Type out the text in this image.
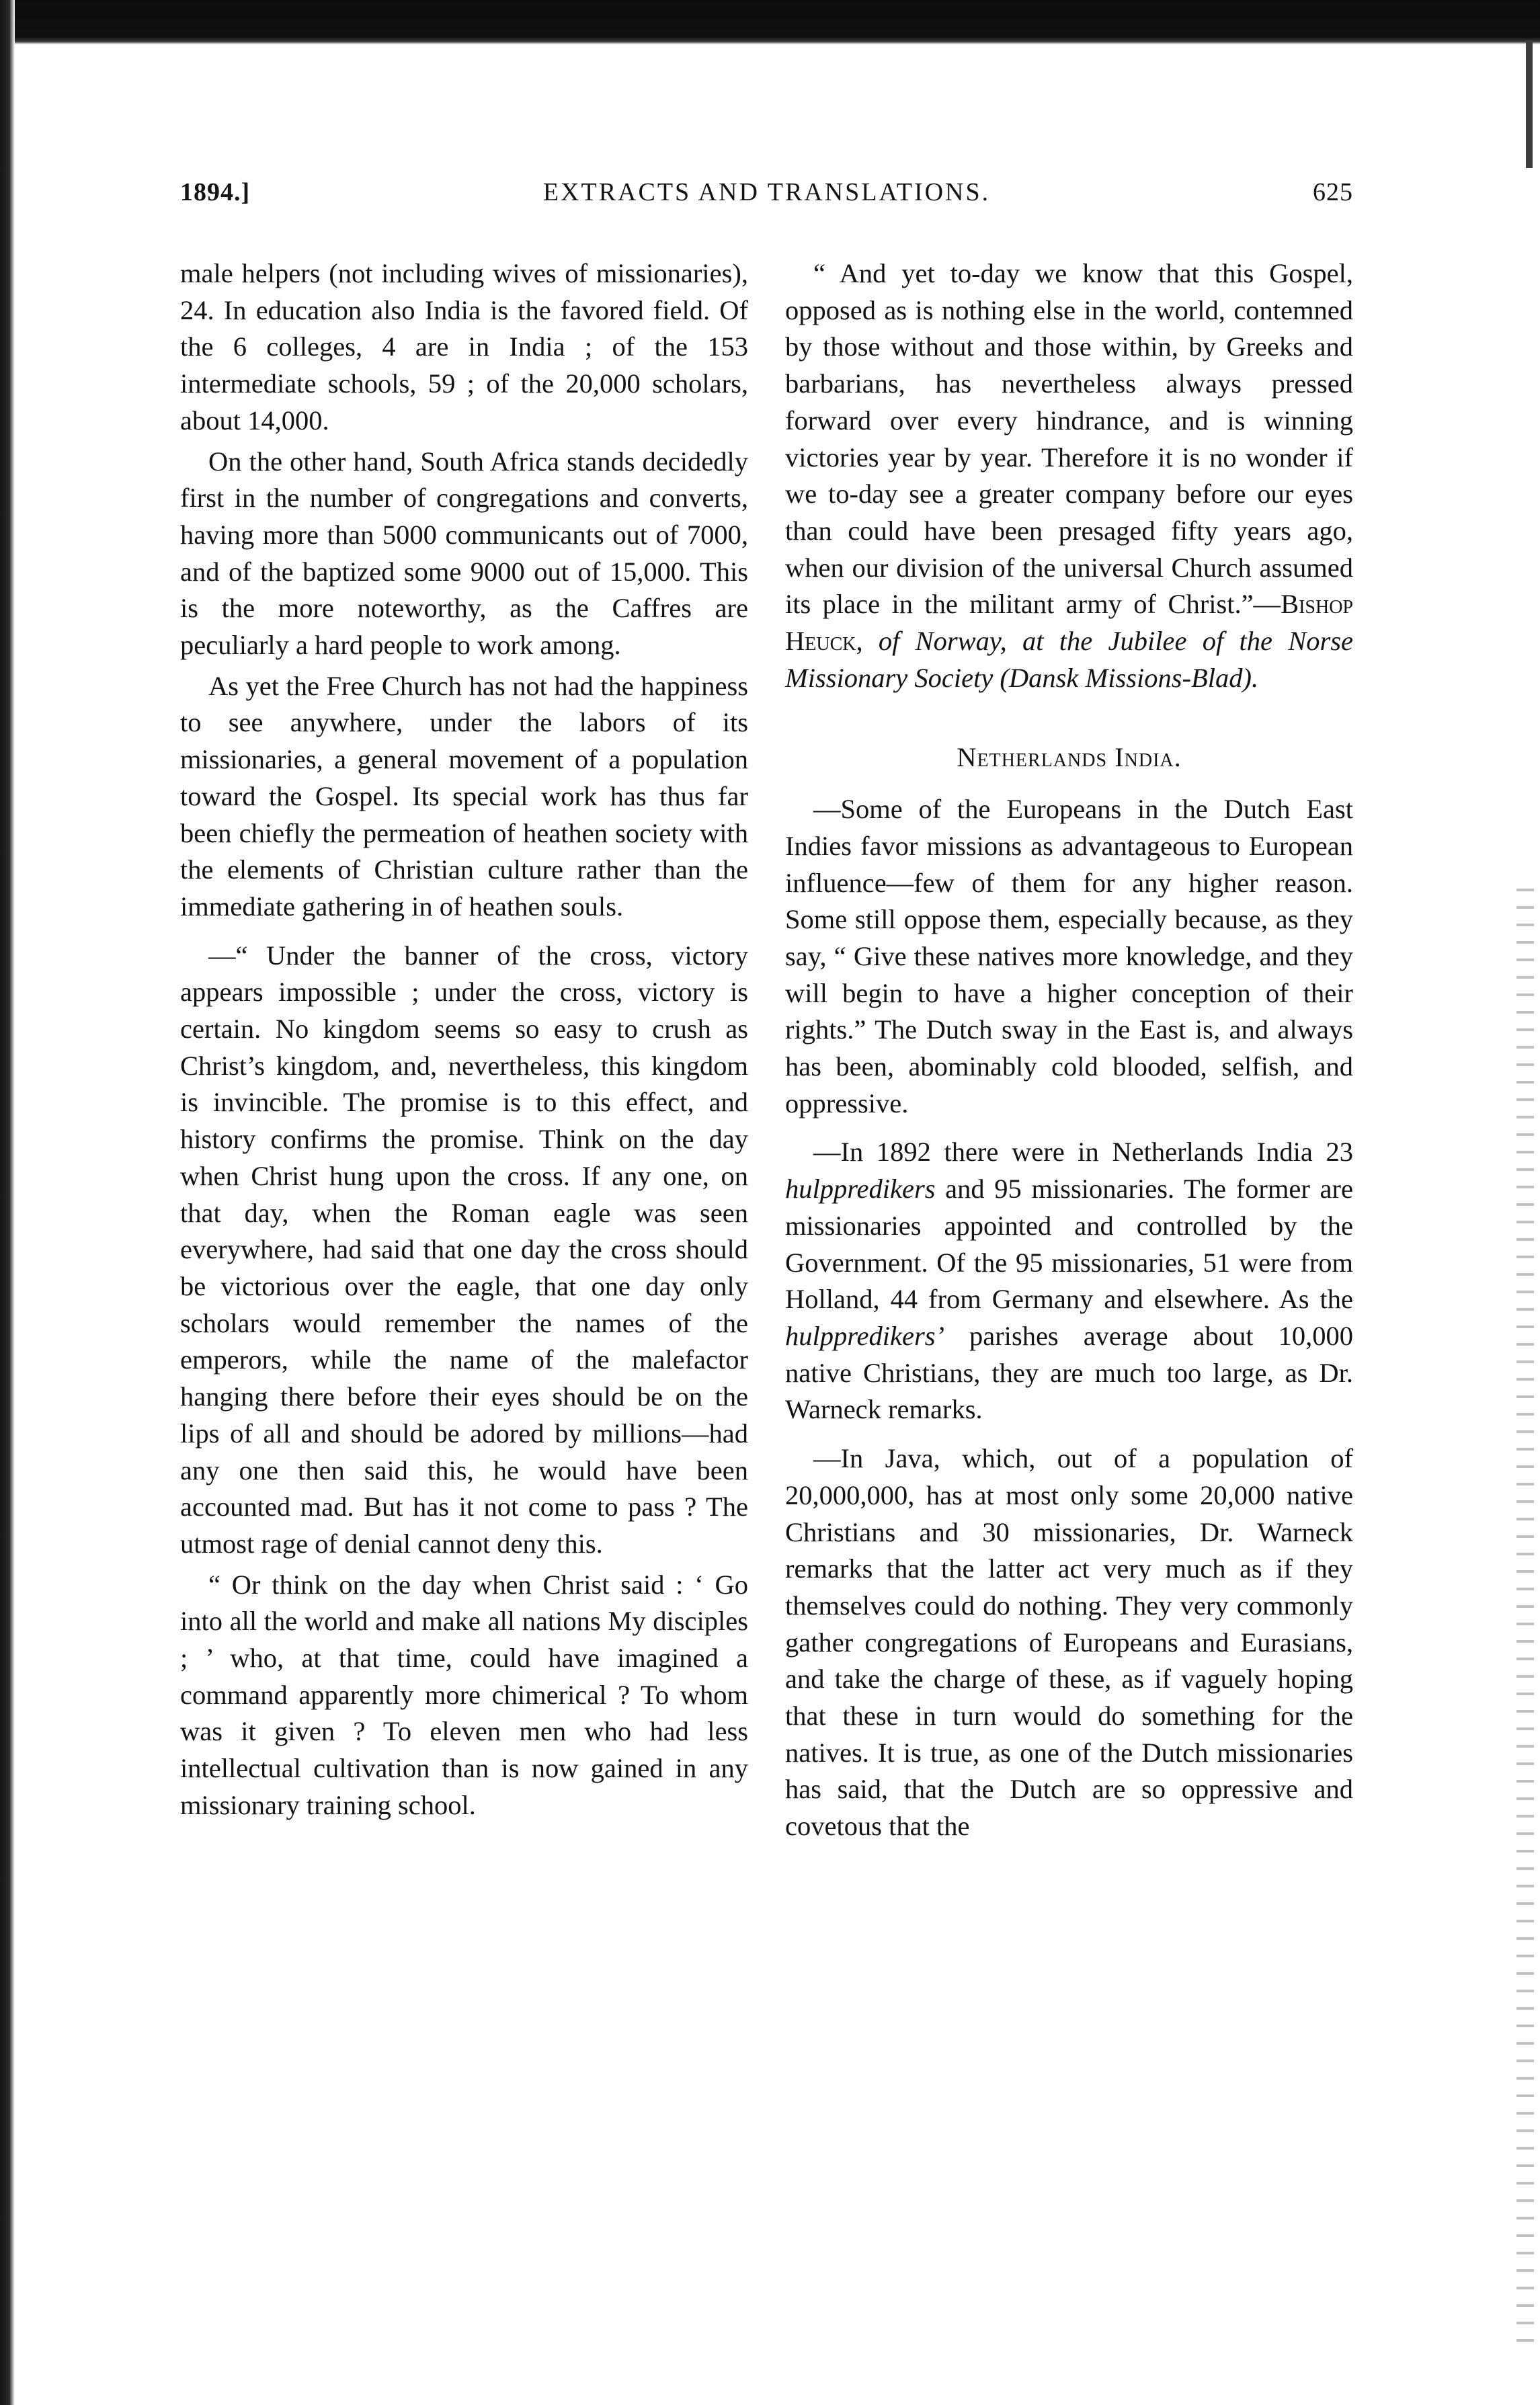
1894.]	EXTRACTS AND TRANSLATIONS.	625

male helpers (not including wives of missionaries), 24. In education also India is the favored field. Of the 6 colleges, 4 are in India ; of the 153 intermediate schools, 59 ; of the 20,000 scholars, about 14,000.

On the other hand, South Africa stands decidedly first in the number of congregations and converts, having more than 5000 communicants out of 7000, and of the baptized some 9000 out of 15,000. This is the more noteworthy, as the Caffres are peculiarly a hard people to work among.

As yet the Free Church has not had the happiness to see anywhere, under the labors of its missionaries, a general movement of a population toward the Gospel. Its special work has thus far been chiefly the permeation of heathen society with the elements of Christian culture rather than the immediate gathering in of heathen souls.

—“ Under the banner of the cross, victory appears impossible ; under the cross, victory is certain. No kingdom seems so easy to crush as Christ’s kingdom, and, nevertheless, this kingdom is invincible. The promise is to this effect, and history confirms the promise. Think on the day when Christ hung upon the cross. If any one, on that day, when the Roman eagle was seen everywhere, had said that one day the cross should be victorious over the eagle, that one day only scholars would remember the names of the emperors, while the name of the malefactor hanging there before their eyes should be on the lips of all and should be adored by millions—had any one then said this, he would have been accounted mad. But has it not come to pass ? The utmost rage of denial cannot deny this.

“ Or think on the day when Christ said : ‘ Go into all the world and make all nations My disciples ; ’ who, at that time, could have imagined a command apparently more chimerical ? To whom was it given ? To eleven men who had less intellectual cultivation than is now gained in any missionary training school.

“ And yet to-day we know that this Gospel, opposed as is nothing else in the world, contemned by those without and those within, by Greeks and barbarians, has nevertheless always pressed forward over every hindrance, and is winning victories year by year. Therefore it is no wonder if we to-day see a greater company before our eyes than could have been presaged fifty years ago, when our division of the universal Church assumed its place in the militant army of Christ.”—Bishop Heuck, of Norway, at the Jubilee of the Norse Missionary Society (Dansk Missions-Blad).

Netherlands India.

—Some of the Europeans in the Dutch East Indies favor missions as advantageous to European influence—few of them for any higher reason. Some still oppose them, especially because, as they say, “ Give these natives more knowledge, and they will begin to have a higher conception of their rights.” The Dutch sway in the East is, and always has been, abominably cold blooded, selfish, and oppressive.

—In 1892 there were in Netherlands India 23 hulppredikers and 95 missionaries. The former are missionaries appointed and controlled by the Government. Of the 95 missionaries, 51 were from Holland, 44 from Germany and elsewhere. As the hulppredikers’ parishes average about 10,000 native Christians, they are much too large, as Dr. Warneck remarks.

—In Java, which, out of a population of 20,000,000, has at most only some 20,000 native Christians and 30 missionaries, Dr. Warneck remarks that the latter act very much as if they themselves could do nothing. They very commonly gather congregations of Europeans and Eurasians, and take the charge of these, as if vaguely hoping that these in turn would do something for the natives. It is true, as one of the Dutch missionaries has said, that the Dutch are so oppressive and covetous that the
